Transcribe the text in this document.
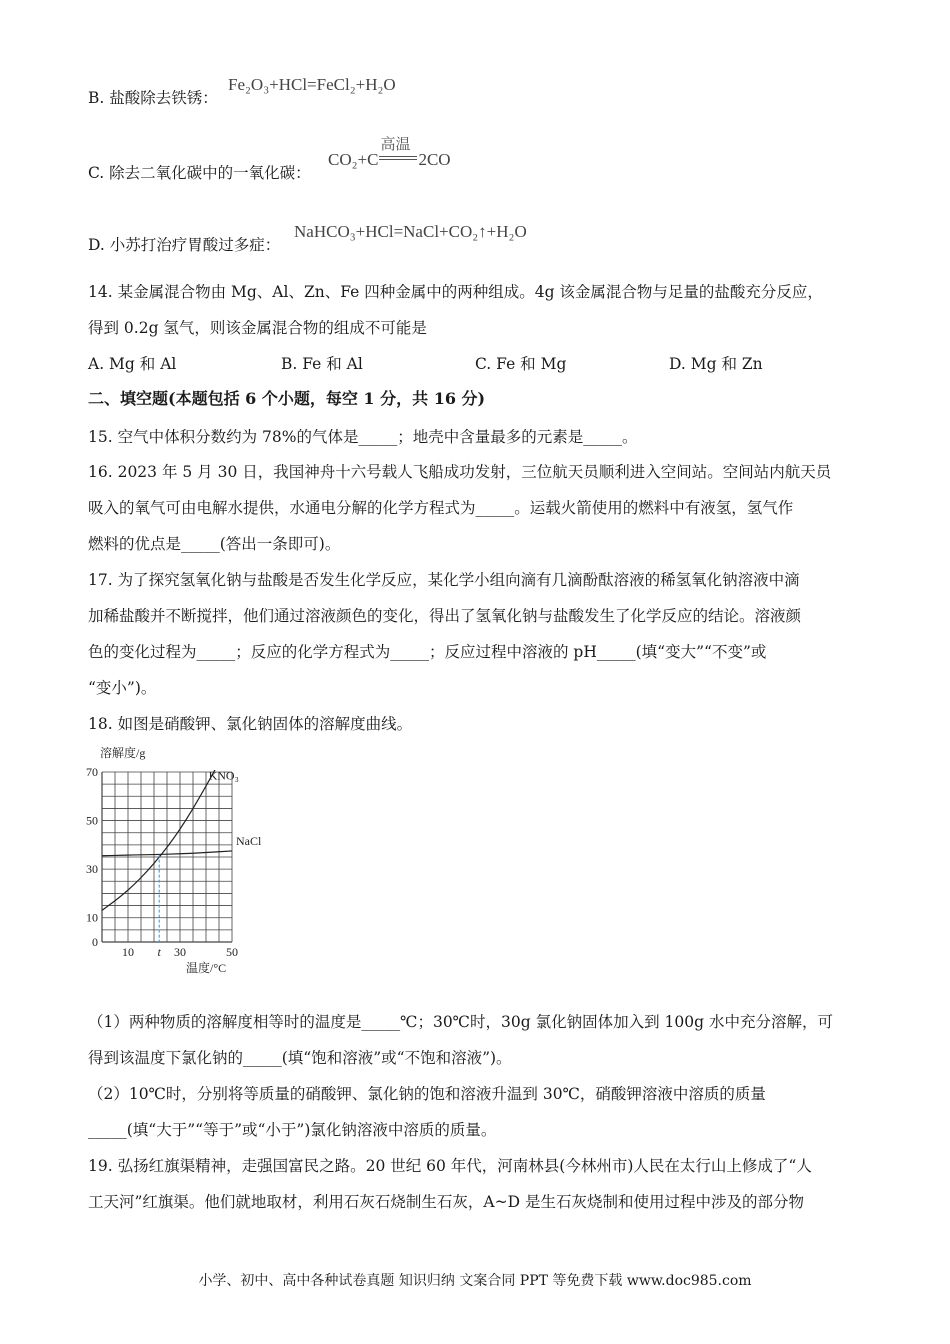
B. 盐酸除去铁锈：
Fe₂O₃+HCl=FeCl₂+H₂O
C. 除去二氧化碳中的一氧化碳：
CO₂+C
高温
2CO
D. 小苏打治疗胃酸过多症：
NaHCO₃+HCl=NaCl+CO₂↑+H₂O
14. 某金属混合物由 Mg、Al、Zn、Fe 四种金属中的两种组成。4g 该金属混合物与足量的盐酸充分反应，
得到 0.2g 氢气，则该金属混合物的组成不可能是
A. Mg 和 Al	B. Fe 和 Al	C. Fe 和 Mg	D. Mg 和 Zn
二、填空题(本题包括 6 个小题，每空 1 分，共 16 分)
15. 空气中体积分数约为 78%的气体是_____；地壳中含量最多的元素是_____。
16. 2023 年 5 月 30 日，我国神舟十六号载人飞船成功发射，三位航天员顺利进入空间站。空间站内航天员
吸入的氧气可由电解水提供，水通电分解的化学方程式为_____。运载火箭使用的燃料中有液氢，氢气作
燃料的优点是_____(答出一条即可)。
17. 为了探究氢氧化钠与盐酸是否发生化学反应，某化学小组向滴有几滴酚酞溶液的稀氢氧化钠溶液中滴
加稀盐酸并不断搅拌，他们通过溶液颜色的变化，得出了氢氧化钠与盐酸发生了化学反应的结论。溶液颜
色的变化过程为_____；反应的化学方程式为_____；反应过程中溶液的 pH_____(填“变大”“不变”或
“变小”)。
18. 如图是硝酸钾、氯化钠固体的溶解度曲线。
溶解度/g
0
10
30
50
70
10 t 30	50
KNO₃
NaCl
温度/°C
（1）两种物质的溶解度相等时的温度是_____℃；30℃时，30g 氯化钠固体加入到 100g 水中充分溶解，可
得到该温度下氯化钠的_____(填“饱和溶液”或“不饱和溶液”)。
（2）10℃时，分别将等质量的硝酸钾、氯化钠的饱和溶液升温到 30℃，硝酸钾溶液中溶质的质量
_____(填“大于”“等于”或“小于”)氯化钠溶液中溶质的质量。
19. 弘扬红旗渠精神，走强国富民之路。20 世纪 60 年代，河南林县(今林州市)人民在太行山上修成了“人
工天河”红旗渠。他们就地取材，利用石灰石烧制生石灰，A~D 是生石灰烧制和使用过程中涉及的部分物
小学、初中、高中各种试卷真题 知识归纳 文案合同 PPT 等免费下载 www.doc985.com
